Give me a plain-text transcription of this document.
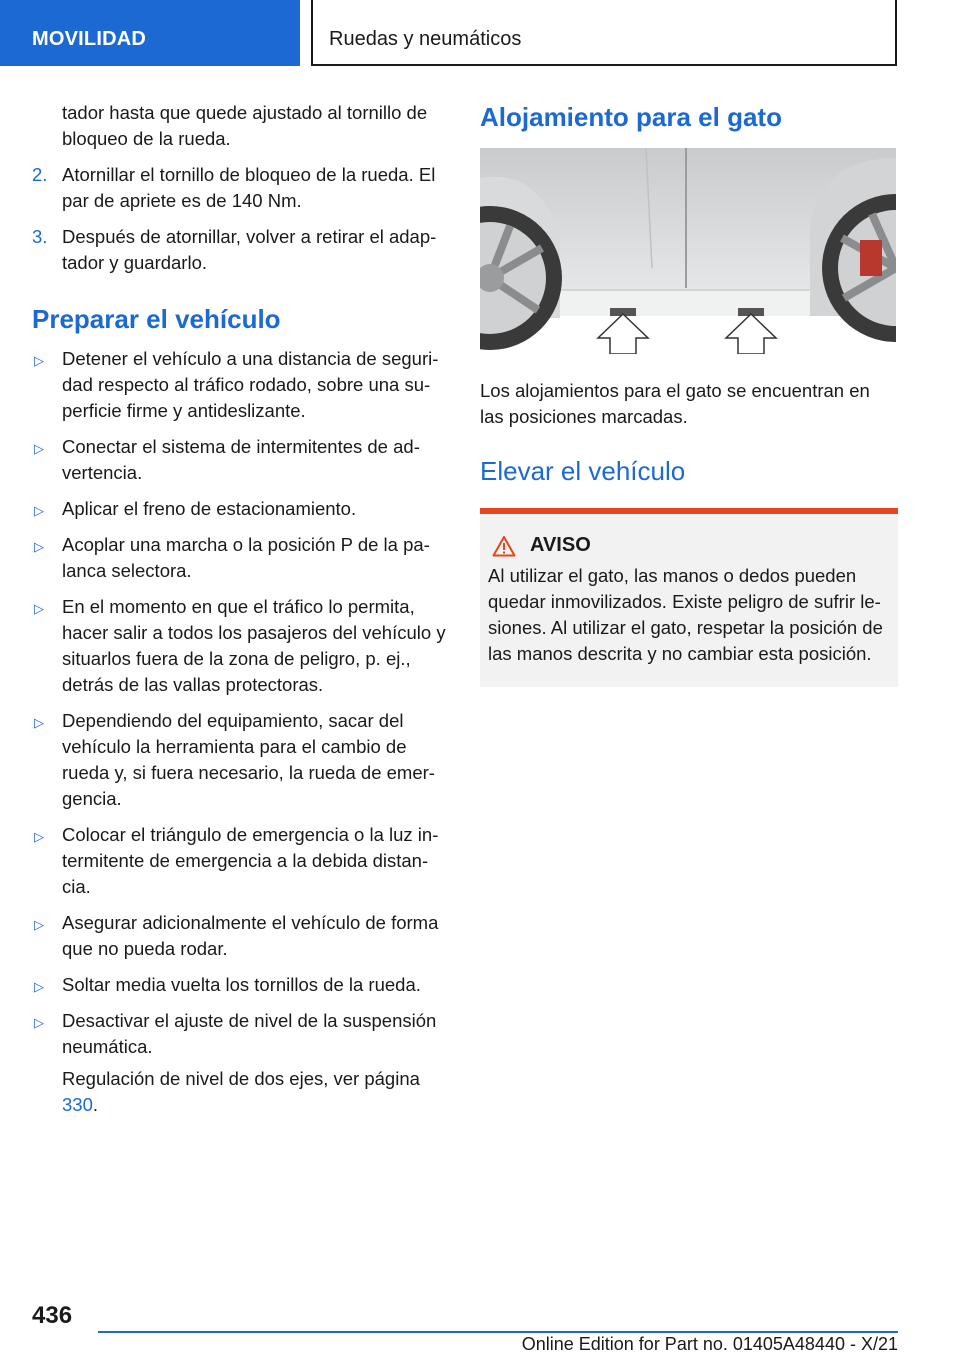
MOVILIDAD	Ruedas y neumáticos

tador hasta que quede ajustado al tornillo de bloqueo de la rueda.

2. Atornillar el tornillo de bloqueo de la rueda. El par de apriete es de 140 Nm.
3. Después de atornillar, volver a retirar el adaptador y guardarlo.
Preparar el vehículo
▷ Detener el vehículo a una distancia de seguridad respecto al tráfico rodado, sobre una superficie firme y antideslizante.
▷ Conectar el sistema de intermitentes de advertencia.
▷ Aplicar el freno de estacionamiento.
▷ Acoplar una marcha o la posición P de la palanca selectora.
▷ En el momento en que el tráfico lo permita, hacer salir a todos los pasajeros del vehículo y situarlos fuera de la zona de peligro, p. ej., detrás de las vallas protectoras.
▷ Dependiendo del equipamiento, sacar del vehículo la herramienta para el cambio de rueda y, si fuera necesario, la rueda de emergencia.
▷ Colocar el triángulo de emergencia o la luz intermitente de emergencia a la debida distancia.
▷ Asegurar adicionalmente el vehículo de forma que no pueda rodar.
▷ Soltar media vuelta los tornillos de la rueda.
▷ Desactivar el ajuste de nivel de la suspensión neumática.

Regulación de nivel de dos ejes, ver página 330.

Alojamiento para el gato

Los alojamientos para el gato se encuentran en las posiciones marcadas.

Elevar el vehículo
AVISO

Al utilizar el gato, las manos o dedos pueden quedar inmovilizados. Existe peligro de sufrir lesiones. Al utilizar el gato, respetar la posición de las manos descrita y no cambiar esta posición.

436
Online Edition for Part no. 01405A48440 - X/21
